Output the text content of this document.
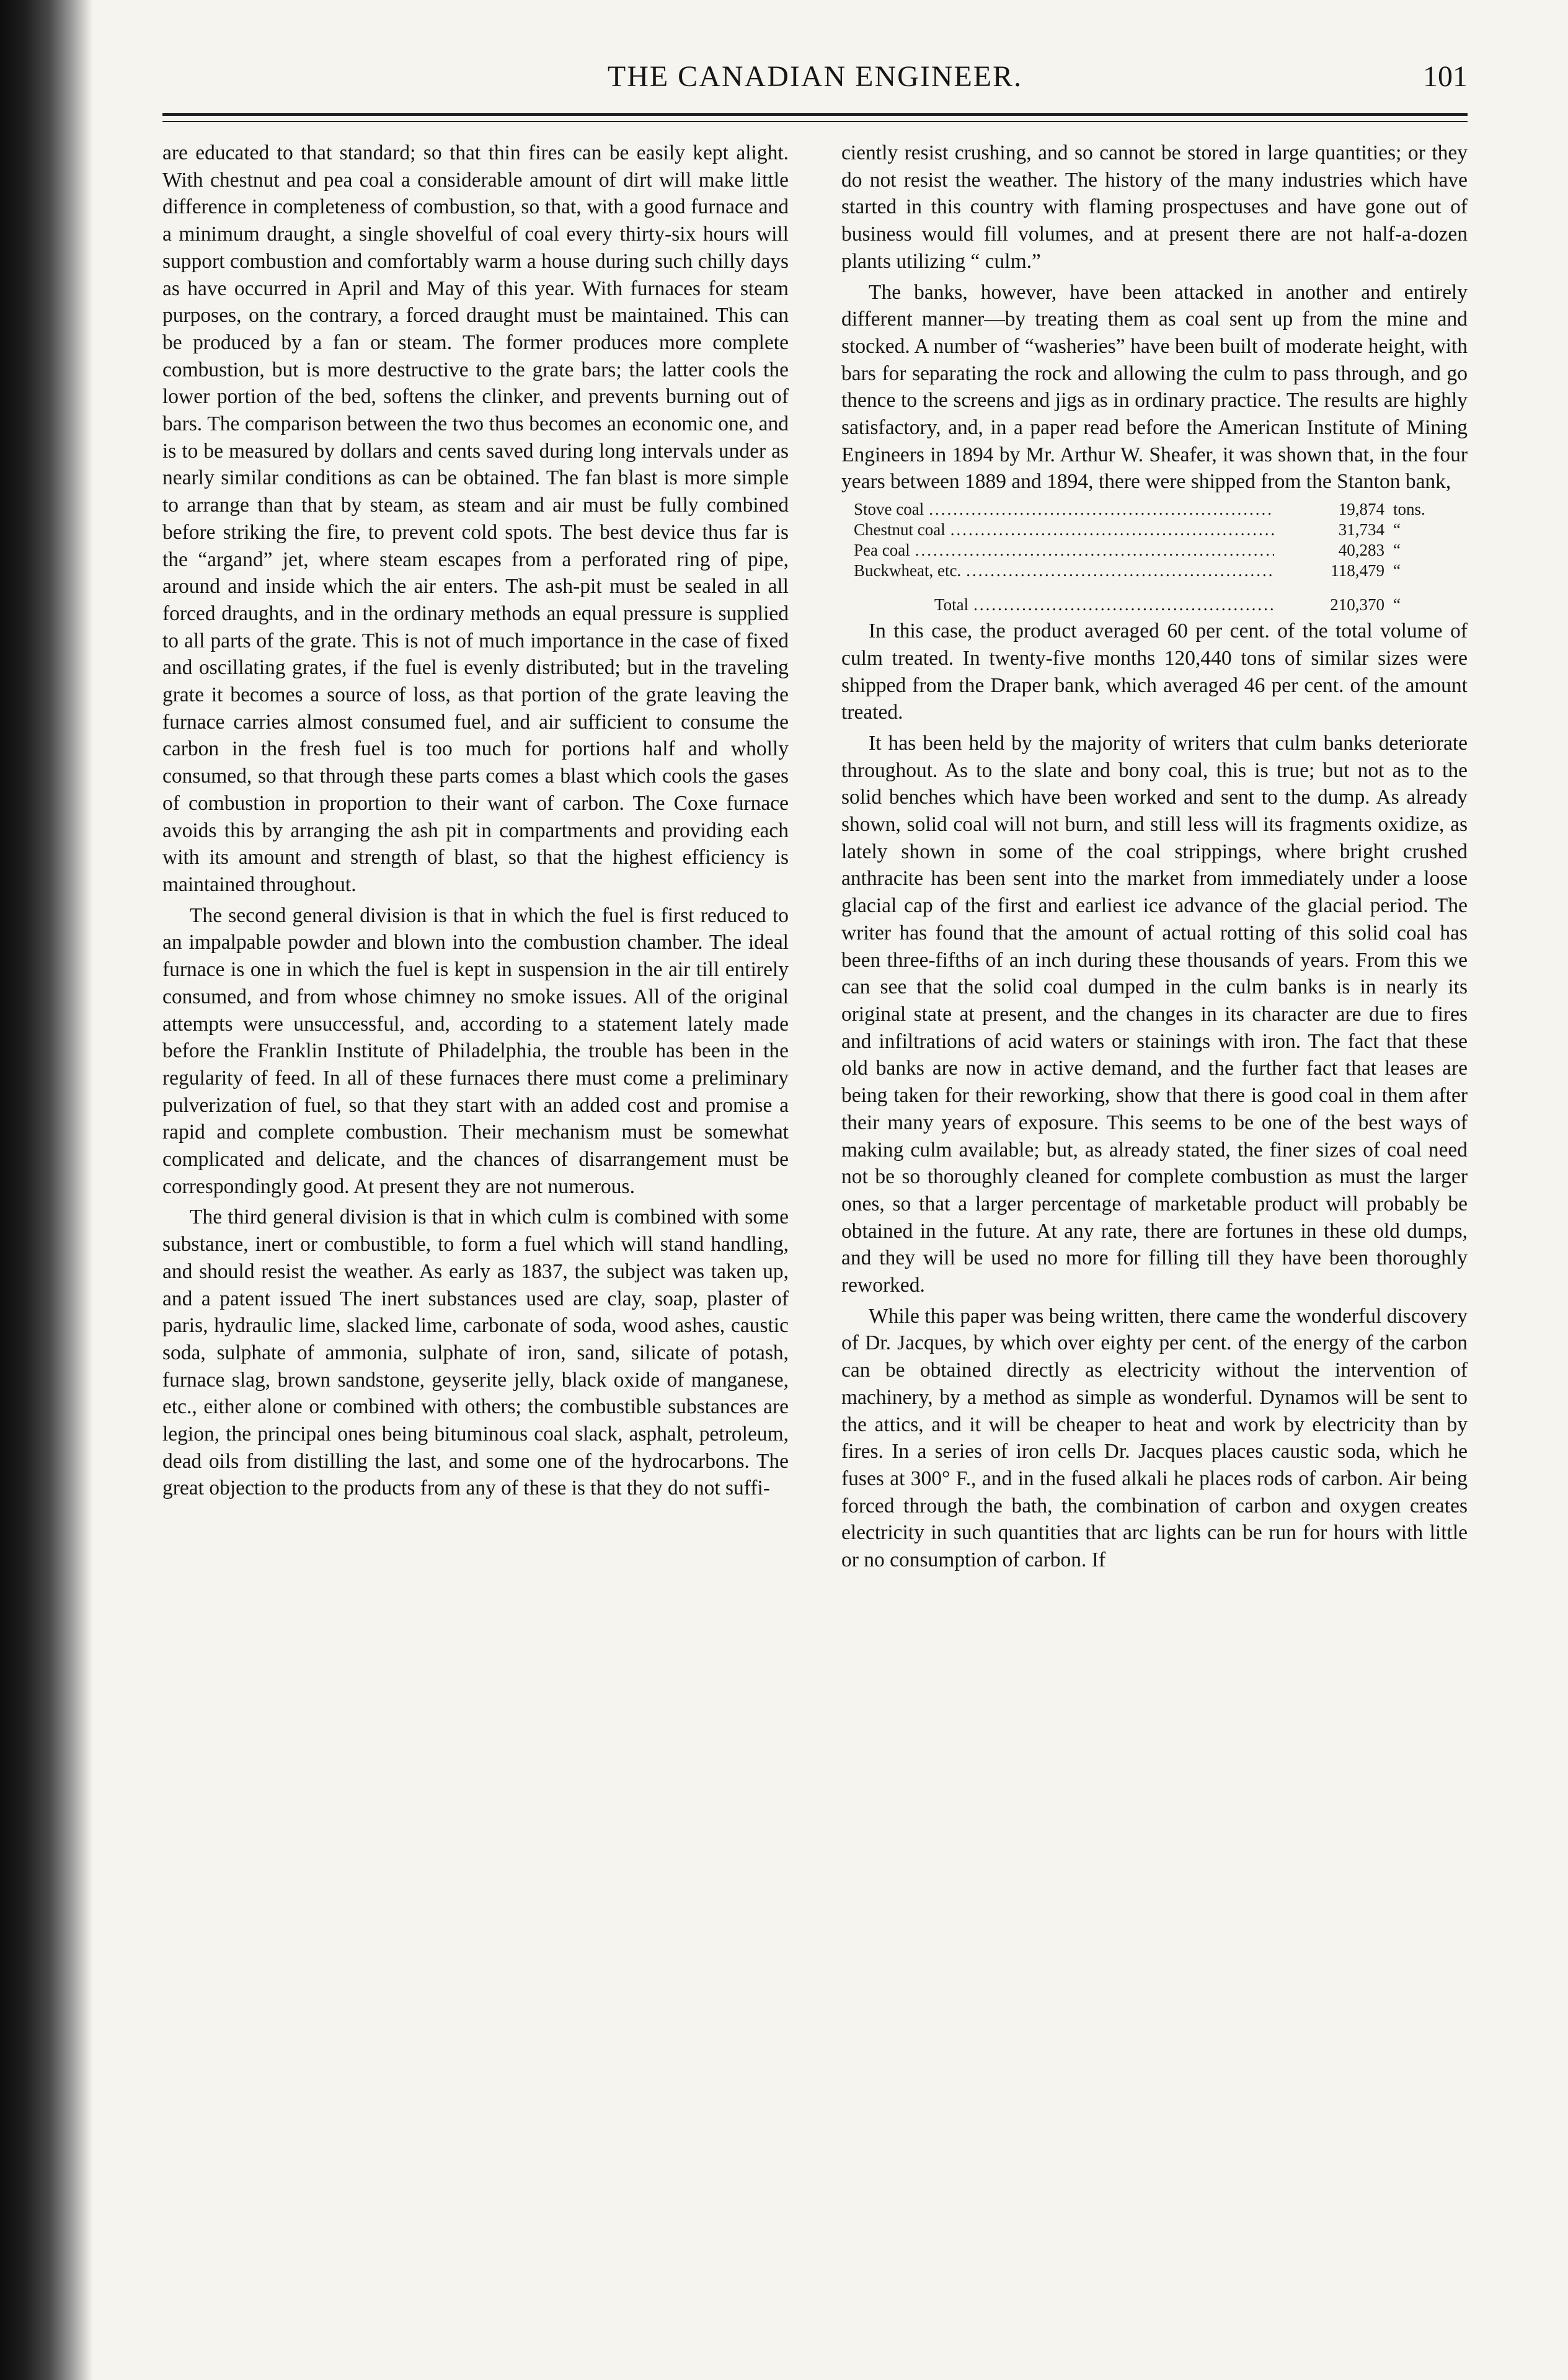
THE CANADIAN ENGINEER.	101

are educated to that standard; so that thin fires can be easily kept alight. With chestnut and pea coal a considerable amount of dirt will make little difference in completeness of combustion, so that, with a good furnace and a minimum draught, a single shovelful of coal every thirty-six hours will support combustion and comfortably warm a house during such chilly days as have occurred in April and May of this year. With furnaces for steam purposes, on the contrary, a forced draught must be maintained. This can be produced by a fan or steam. The former produces more complete combustion, but is more destructive to the grate bars; the latter cools the lower portion of the bed, softens the clinker, and prevents burning out of bars. The comparison between the two thus becomes an economic one, and is to be measured by dollars and cents saved during long intervals under as nearly similar conditions as can be obtained. The fan blast is more simple to arrange than that by steam, as steam and air must be fully combined before striking the fire, to prevent cold spots. The best device thus far is the “argand” jet, where steam escapes from a perforated ring of pipe, around and inside which the air enters. The ash-pit must be sealed in all forced draughts, and in the ordinary methods an equal pressure is supplied to all parts of the grate. This is not of much importance in the case of fixed and oscillating grates, if the fuel is evenly distributed; but in the traveling grate it becomes a source of loss, as that portion of the grate leaving the furnace carries almost consumed fuel, and air sufficient to consume the carbon in the fresh fuel is too much for portions half and wholly consumed, so that through these parts comes a blast which cools the gases of combustion in proportion to their want of carbon. The Coxe furnace avoids this by arranging the ash pit in compartments and providing each with its amount and strength of blast, so that the highest efficiency is maintained throughout.

The second general division is that in which the fuel is first reduced to an impalpable powder and blown into the combustion chamber. The ideal furnace is one in which the fuel is kept in suspension in the air till entirely consumed, and from whose chimney no smoke issues. All of the original attempts were unsuccessful, and, according to a statement lately made before the Franklin Institute of Philadelphia, the trouble has been in the regularity of feed. In all of these furnaces there must come a preliminary pulverization of fuel, so that they start with an added cost and promise a rapid and complete combustion. Their mechanism must be somewhat complicated and delicate, and the chances of disarrangement must be correspondingly good. At present they are not numerous.

The third general division is that in which culm is combined with some substance, inert or combustible, to form a fuel which will stand handling, and should resist the weather. As early as 1837, the subject was taken up, and a patent issued The inert substances used are clay, soap, plaster of paris, hydraulic lime, slacked lime, carbonate of soda, wood ashes, caustic soda, sulphate of ammonia, sulphate of iron, sand, silicate of potash, furnace slag, brown sandstone, geyserite jelly, black oxide of manganese, etc., either alone or combined with others; the combustible substances are legion, the principal ones being bituminous coal slack, asphalt, petroleum, dead oils from distilling the last, and some one of the hydrocarbons. The great objection to the products from any of these is that they do not suffi-

ciently resist crushing, and so cannot be stored in large quantities; or they do not resist the weather. The history of the many industries which have started in this country with flaming prospectuses and have gone out of business would fill volumes, and at present there are not half-a-dozen plants utilizing “ culm.”

The banks, however, have been attacked in another and entirely different manner—by treating them as coal sent up from the mine and stocked. A number of “washeries” have been built of moderate height, with bars for separating the rock and allowing the culm to pass through, and go thence to the screens and jigs as in ordinary practice. The results are highly satisfactory, and, in a paper read before the American Institute of Mining Engineers in 1894 by Mr. Arthur W. Sheafer, it was shown that, in the four years between 1889 and 1894, there were shipped from the Stanton bank,

Stove coal .....	19,874 tons.
Chestnut coal .....	31,734 “
Pea coal .....	40,283 “
Buckwheat, etc. .....	118,479 “
Total .....	210,370 “

In this case, the product averaged 60 per cent. of the total volume of culm treated. In twenty-five months 120,440 tons of similar sizes were shipped from the Draper bank, which averaged 46 per cent. of the amount treated.

It has been held by the majority of writers that culm banks deteriorate throughout. As to the slate and bony coal, this is true; but not as to the solid benches which have been worked and sent to the dump. As already shown, solid coal will not burn, and still less will its fragments oxidize, as lately shown in some of the coal strippings, where bright crushed anthracite has been sent into the market from immediately under a loose glacial cap of the first and earliest ice advance of the glacial period. The writer has found that the amount of actual rotting of this solid coal has been three-fifths of an inch during these thousands of years. From this we can see that the solid coal dumped in the culm banks is in nearly its original state at present, and the changes in its character are due to fires and infiltrations of acid waters or stainings with iron. The fact that these old banks are now in active demand, and the further fact that leases are being taken for their reworking, show that there is good coal in them after their many years of exposure. This seems to be one of the best ways of making culm available; but, as already stated, the finer sizes of coal need not be so thoroughly cleaned for complete combustion as must the larger ones, so that a larger percentage of marketable product will probably be obtained in the future. At any rate, there are fortunes in these old dumps, and they will be used no more for filling till they have been thoroughly reworked.

While this paper was being written, there came the wonderful discovery of Dr. Jacques, by which over eighty per cent. of the energy of the carbon can be obtained directly as electricity without the intervention of machinery, by a method as simple as wonderful. Dynamos will be sent to the attics, and it will be cheaper to heat and work by electricity than by fires. In a series of iron cells Dr. Jacques places caustic soda, which he fuses at 300° F., and in the fused alkali he places rods of carbon. Air being forced through the bath, the combination of carbon and oxygen creates electricity in such quantities that arc lights can be run for hours with little or no consumption of carbon. If
